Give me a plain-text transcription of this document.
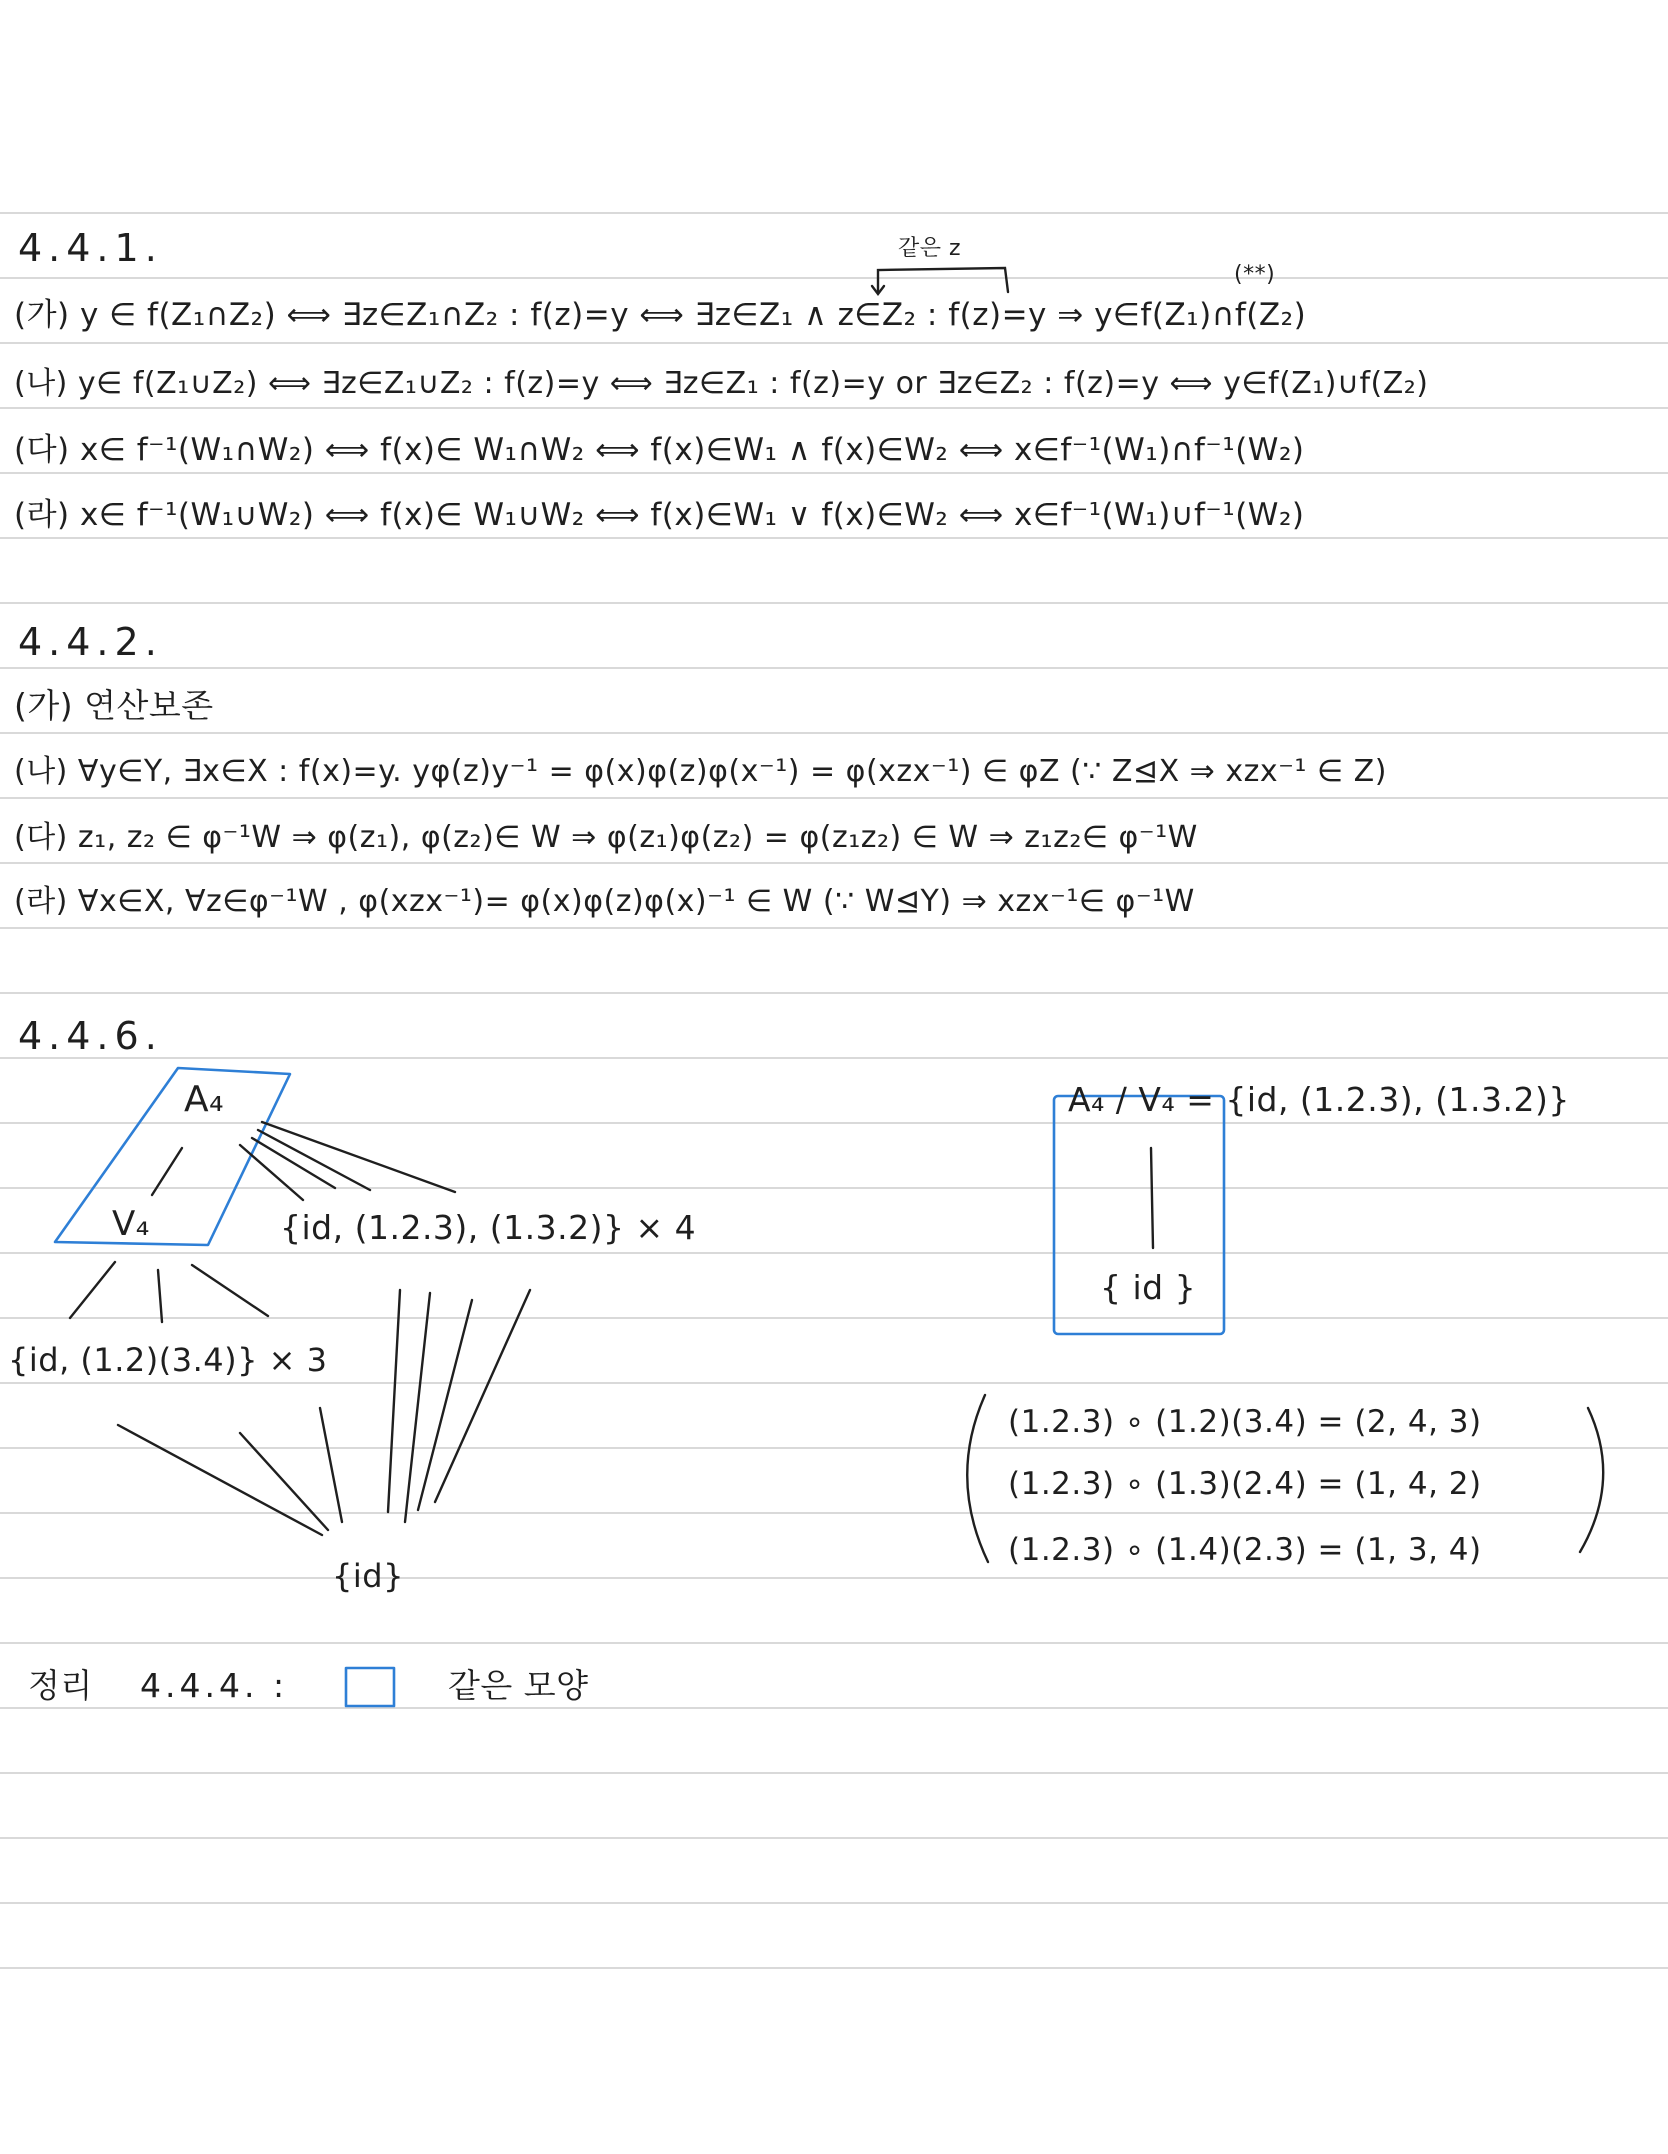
4.4.1.	같은 z
(**)
(가) y ∈ f(Z₁∩Z₂) ⟺ ∃z∈Z₁∩Z₂ : f(z)=y ⟺ ∃z∈Z₁ ∧ z∈Z₂ : f(z)=y ⇒ y∈f(Z₁)∩f(Z₂)
(나) y∈ f(Z₁∪Z₂) ⟺ ∃z∈Z₁∪Z₂ : f(z)=y ⟺ ∃z∈Z₁ : f(z)=y or ∃z∈Z₂ : f(z)=y ⟺ y∈f(Z₁)∪f(Z₂)
(다) x∈ f⁻¹(W₁∩W₂) ⟺ f(x)∈ W₁∩W₂ ⟺ f(x)∈W₁ ∧ f(x)∈W₂ ⟺ x∈f⁻¹(W₁)∩f⁻¹(W₂)
(라) x∈ f⁻¹(W₁∪W₂) ⟺ f(x)∈ W₁∪W₂ ⟺ f(x)∈W₁ ∨ f(x)∈W₂ ⟺ x∈f⁻¹(W₁)∪f⁻¹(W₂)
4.4.2.
(가) 연산보존
(나) ∀y∈Y, ∃x∈X : f(x)=y. yφ(z)y⁻¹ = φ(x)φ(z)φ(x⁻¹) = φ(xzx⁻¹) ∈ φZ (∵ Z⊴X ⇒ xzx⁻¹ ∈ Z)
(다) z₁, z₂ ∈ φ⁻¹W ⇒ φ(z₁), φ(z₂)∈ W ⇒ φ(z₁)φ(z₂) = φ(z₁z₂) ∈ W ⇒ z₁z₂∈ φ⁻¹W
(라) ∀x∈X, ∀z∈φ⁻¹W , φ(xzx⁻¹)= φ(x)φ(z)φ(x)⁻¹ ∈ W (∵ W⊴Y) ⇒ xzx⁻¹∈ φ⁻¹W
4.4.6.
A₄
V₄	{id, (1.2.3), (1.3.2)} × 4
{id, (1.2)(3.4)} × 3
{id}
A₄ / V₄ = {id, (1.2.3), (1.3.2)}
{ id }
(1.2.3) ∘ (1.2)(3.4) = (2, 4, 3)
(1.2.3) ∘ (1.3)(2.4) = (1, 4, 2)
(1.2.3) ∘ (1.4)(2.3) = (1, 3, 4)
정리 4.4.4. :	같은 모양
